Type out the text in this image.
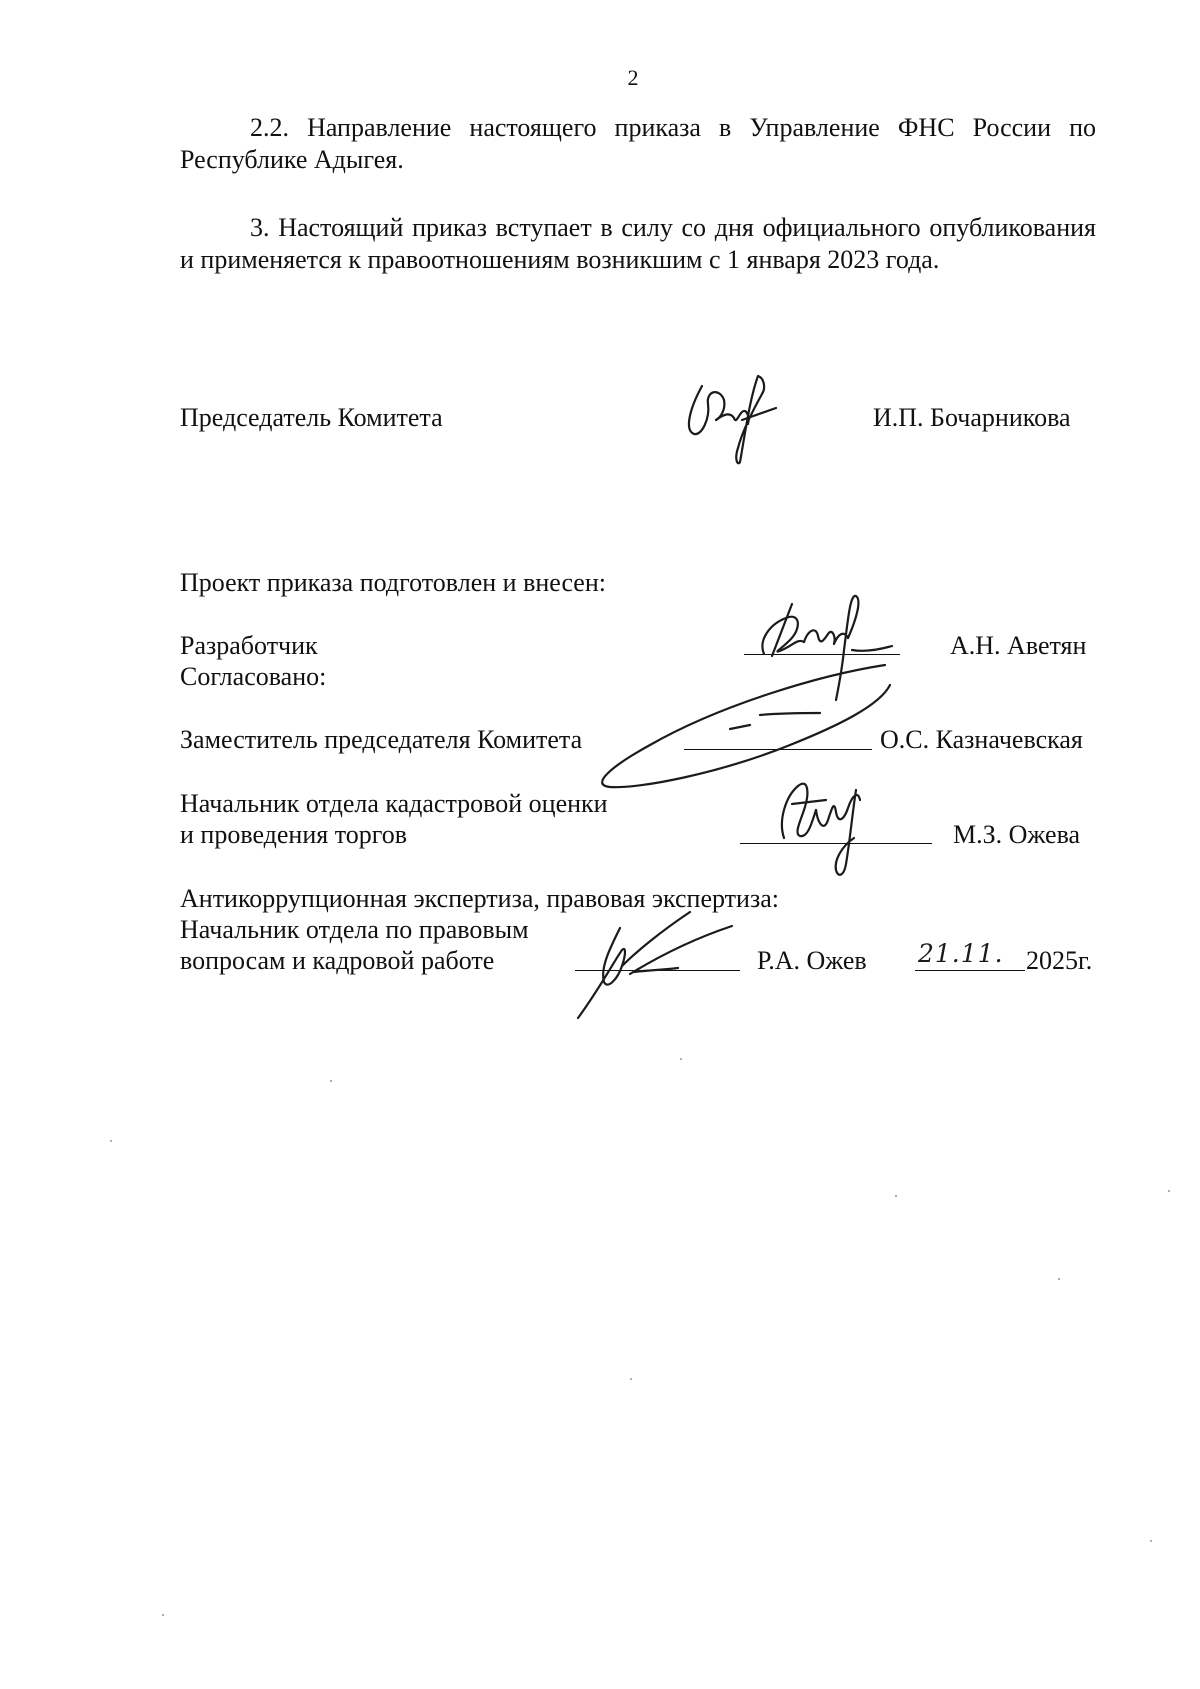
2
2.2. Направление настоящего приказа в Управление ФНС России по Республике Адыгея.
3. Настоящий приказ вступает в силу со дня официального опубликования и применяется к правоотношениям возникшим с 1 января 2023 года.
Председатель Комитета	И.П. Бочарникова
Проект приказа подготовлен и внесен:
Разработчик	А.Н. Аветян
Согласовано:
Заместитель председателя Комитета	О.С. Казначевская
Начальник отдела кадастровой оценки
и проведения торгов	М.З. Ожева
Антикоррупционная экспертиза, правовая экспертиза:
Начальник отдела по правовым
вопросам и кадровой работе	Р.А. Ожев 21.11. 2025г.
